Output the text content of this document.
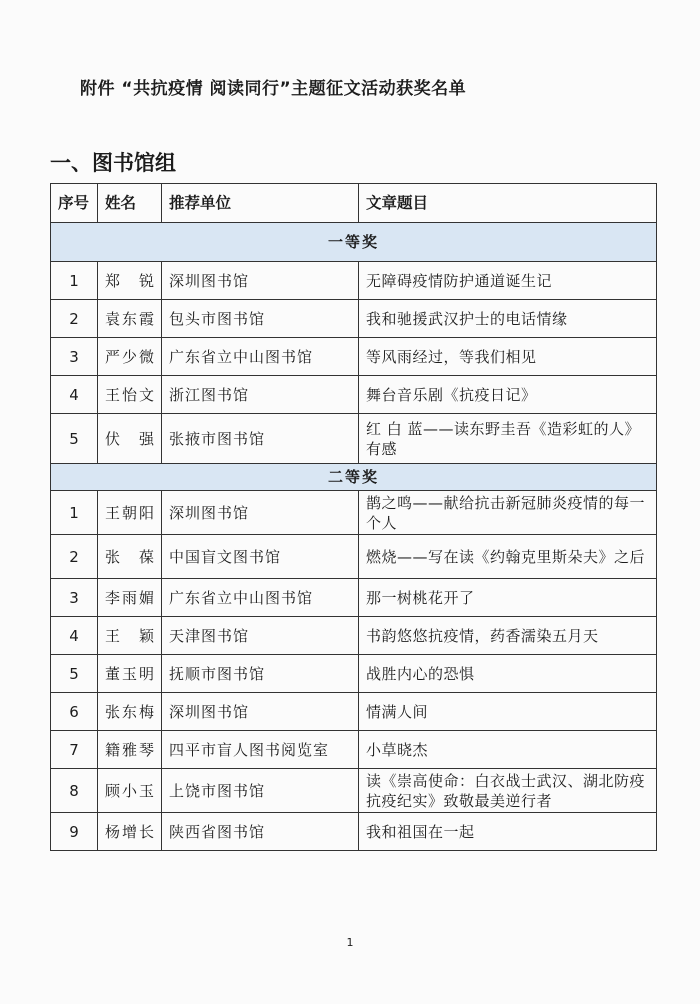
附件 “共抗疫情 阅读同行”主题征文活动获奖名单
一、图书馆组
序号	姓名	推荐单位	文章题目
一等奖			
1	郑　锐	深圳图书馆	无障碍疫情防护通道诞生记
2	袁东霞	包头市图书馆	我和驰援武汉护士的电话情缘
3	严少微	广东省立中山图书馆	等风雨经过，等我们相见
4	王怡文	浙江图书馆	舞台音乐剧《抗疫日记》
5	伏　强	张掖市图书馆	红 白 蓝——读东野圭吾《造彩虹的人》有感
二等奖			
1	王朝阳	深圳图书馆	鹊之鸣——献给抗击新冠肺炎疫情的每一个人
2	张　葆	中国盲文图书馆	燃烧——写在读《约翰克里斯朵夫》之后
3	李雨媚	广东省立中山图书馆	那一树桃花开了
4	王　颖	天津图书馆	书韵悠悠抗疫情，药香濡染五月天
5	董玉明	抚顺市图书馆	战胜内心的恐惧
6	张东梅	深圳图书馆	情满人间
7	籍雅琴	四平市盲人图书阅览室	小草晓杰
8	顾小玉	上饶市图书馆	读《崇高使命：白衣战士武汉、湖北防疫抗疫纪实》致敬最美逆行者
9	杨增长	陕西省图书馆	我和祖国在一起
1
